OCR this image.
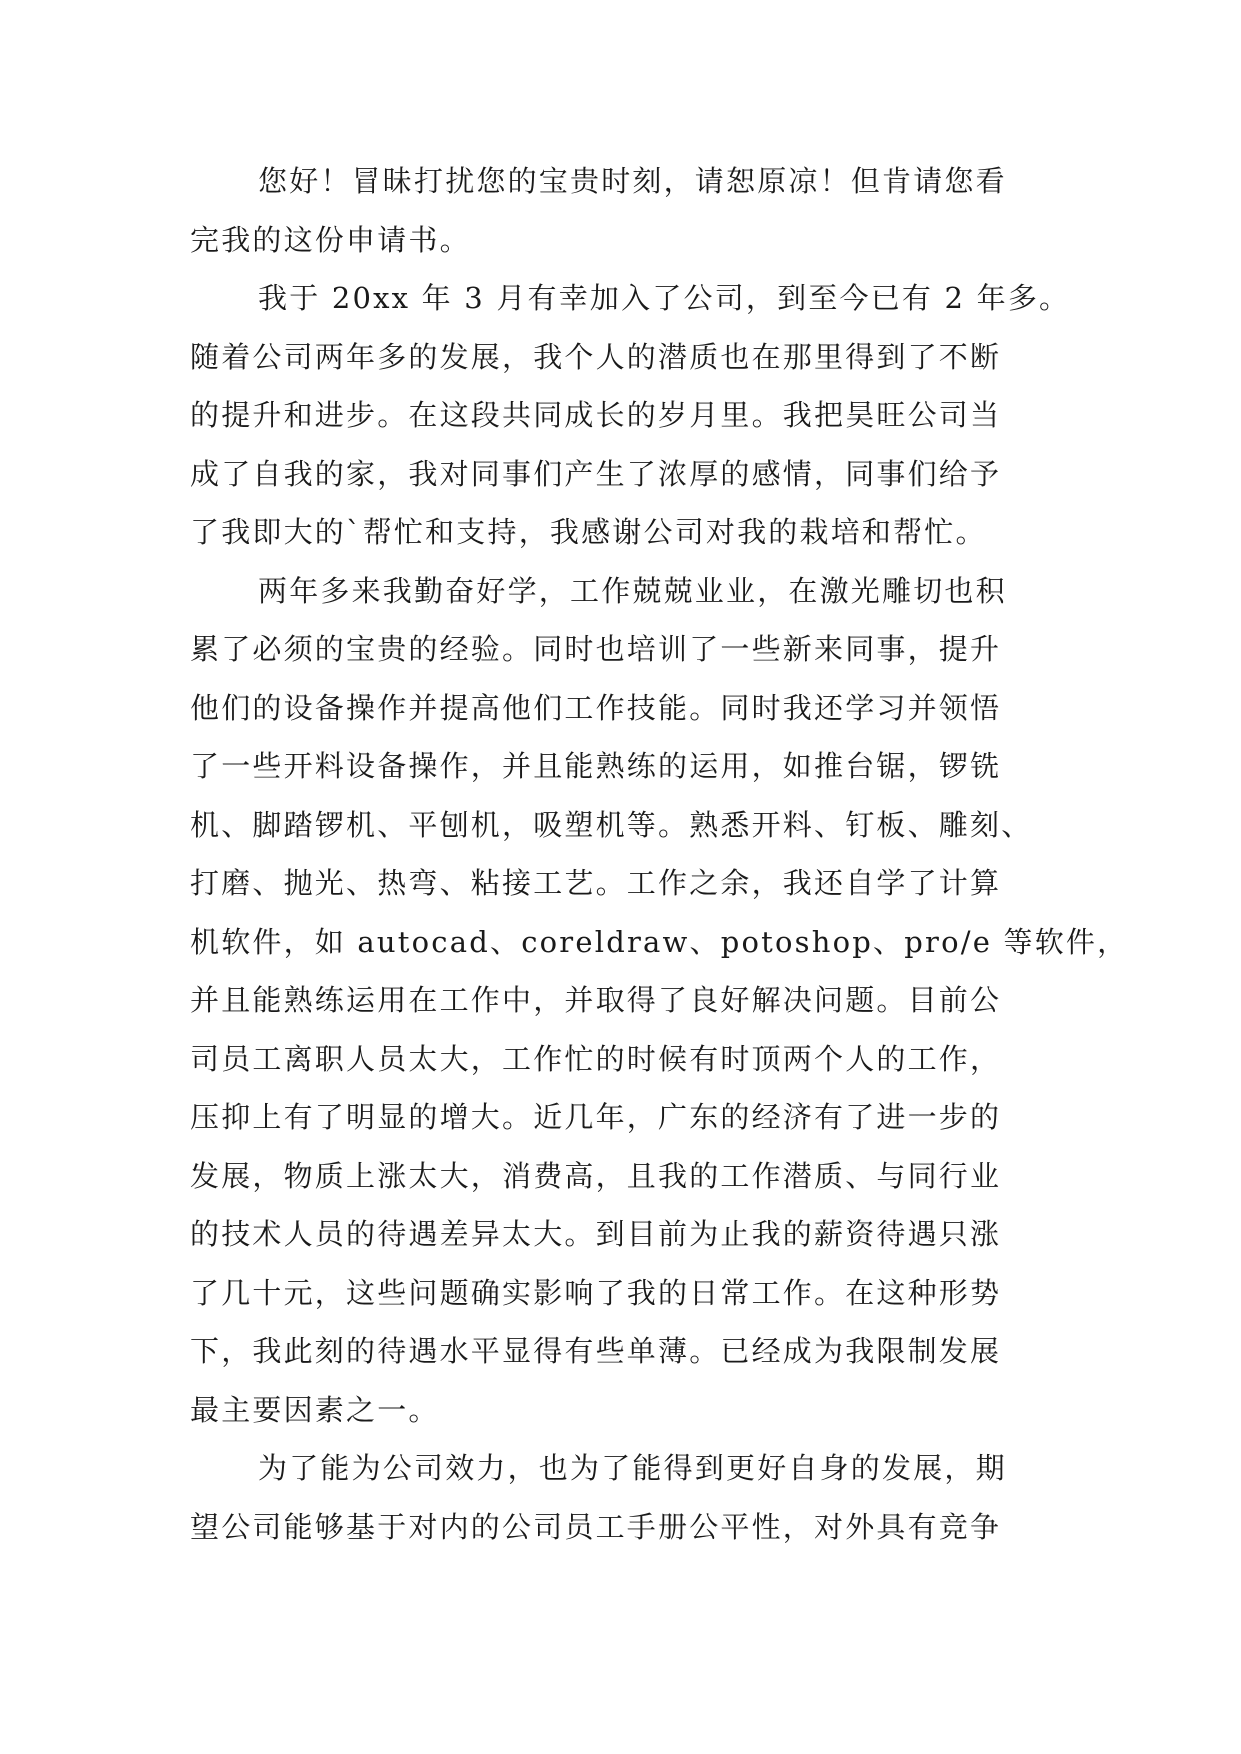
您好！冒昧打扰您的宝贵时刻，请恕原凉！但肯请您看
完我的这份申请书。
我于 20xx 年 3 月有幸加入了公司，到至今已有 2 年多。
随着公司两年多的发展，我个人的潜质也在那里得到了不断
的提升和进步。在这段共同成长的岁月里。我把昊旺公司当
成了自我的家，我对同事们产生了浓厚的感情，同事们给予
了我即大的`帮忙和支持，我感谢公司对我的栽培和帮忙。
两年多来我勤奋好学，工作兢兢业业，在激光雕切也积
累了必须的宝贵的经验。同时也培训了一些新来同事，提升
他们的设备操作并提高他们工作技能。同时我还学习并领悟
了一些开料设备操作，并且能熟练的运用，如推台锯，锣铣
机、脚踏锣机、平刨机，吸塑机等。熟悉开料、钉板、雕刻、
打磨、抛光、热弯、粘接工艺。工作之余，我还自学了计算
机软件，如 autocad、coreldraw、potoshop、pro/e 等软件，
并且能熟练运用在工作中，并取得了良好解决问题。目前公
司员工离职人员太大，工作忙的时候有时顶两个人的工作，
压抑上有了明显的增大。近几年，广东的经济有了进一步的
发展，物质上涨太大，消费高，且我的工作潜质、与同行业
的技术人员的待遇差异太大。到目前为止我的薪资待遇只涨
了几十元，这些问题确实影响了我的日常工作。在这种形势
下，我此刻的待遇水平显得有些单薄。已经成为我限制发展
最主要因素之一。
为了能为公司效力，也为了能得到更好自身的发展，期
望公司能够基于对内的公司员工手册公平性，对外具有竞争
